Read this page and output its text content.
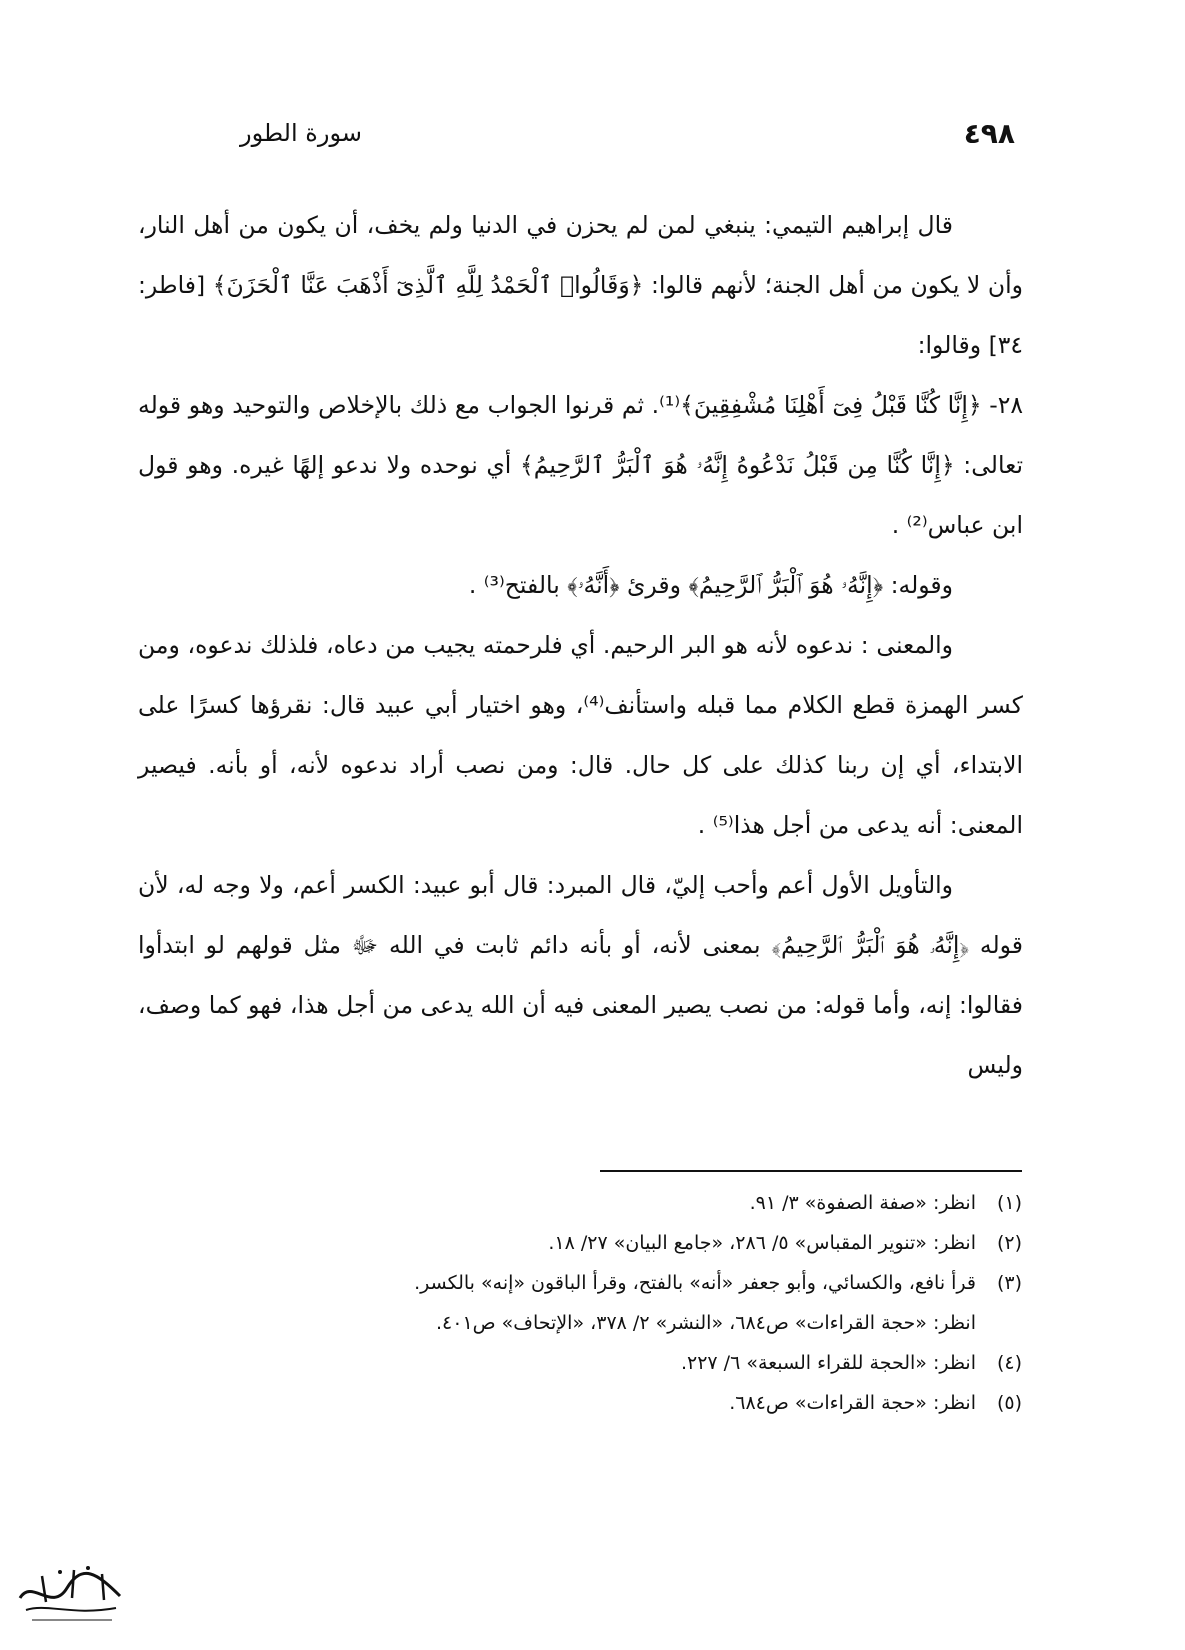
٤٩٨
سورة الطور

قال إبراهيم التيمي: ينبغي لمن لم يحزن في الدنيا ولم يخف، أن يكون من أهل النار، وأن لا يكون من أهل الجنة؛ لأنهم قالوا: ﴿وَقَالُوا۟ ٱلْحَمْدُ لِلَّهِ ٱلَّذِىٓ أَذْهَبَ عَنَّا ٱلْحَزَنَ﴾ [فاطر: ٣٤] وقالوا:

٢٨- ﴿إِنَّا كُنَّا قَبْلُ فِىٓ أَهْلِنَا مُشْفِقِينَ﴾⁽¹⁾. ثم قرنوا الجواب مع ذلك بالإخلاص والتوحيد وهو قوله تعالى: ﴿إِنَّا كُنَّا مِن قَبْلُ نَدْعُوهُ إِنَّهُۥ هُوَ ٱلْبَرُّ ٱلرَّحِيمُ﴾ أي نوحده ولا ندعو إلهًا غيره. وهو قول ابن عباس⁽²⁾ .

وقوله: ﴿إِنَّهُۥ هُوَ ٱلْبَرُّ ٱلرَّحِيمُ﴾ وقرئ ﴿أَنَّهُۥ﴾ بالفتح⁽³⁾ .

والمعنى : ندعوه لأنه هو البر الرحيم. أي فلرحمته يجيب من دعاه، فلذلك ندعوه، ومن كسر الهمزة قطع الكلام مما قبله واستأنف⁽⁴⁾، وهو اختيار أبي عبيد قال: نقرؤها كسرًا على الابتداء، أي إن ربنا كذلك على كل حال. قال: ومن نصب أراد ندعوه لأنه، أو بأنه. فيصير المعنى: أنه يدعى من أجل هذا⁽⁵⁾ .

والتأويل الأول أعم وأحب إليّ، قال المبرد: قال أبو عبيد: الكسر أعم، ولا وجه له، لأن قوله ﴿إِنَّهُۥ هُوَ ٱلْبَرُّ ٱلرَّحِيمُ﴾ بمعنى لأنه، أو بأنه دائم ثابت في الله ﷻ مثل قولهم لو ابتدأوا فقالوا: إنه، وأما قوله: من نصب يصير المعنى فيه أن الله يدعى من أجل هذا، فهو كما وصف، وليس

(١)
انظر: «صفة الصفوة» ٣/ ٩١.
(٢)
انظر: «تنوير المقباس» ٥/ ٢٨٦، «جامع البيان» ٢٧/ ١٨.
(٣)
قرأ نافع، والكسائي، وأبو جعفر «أنه» بالفتح، وقرأ الباقون «إنه» بالكسر.

انظر: «حجة القراءات» ص٦٨٤، «النشر» ٢/ ٣٧٨، «الإتحاف» ص٤٠١.

(٤)
انظر: «الحجة للقراء السبعة» ٦/ ٢٢٧.
(٥)
انظر: «حجة القراءات» ص٦٨٤.
